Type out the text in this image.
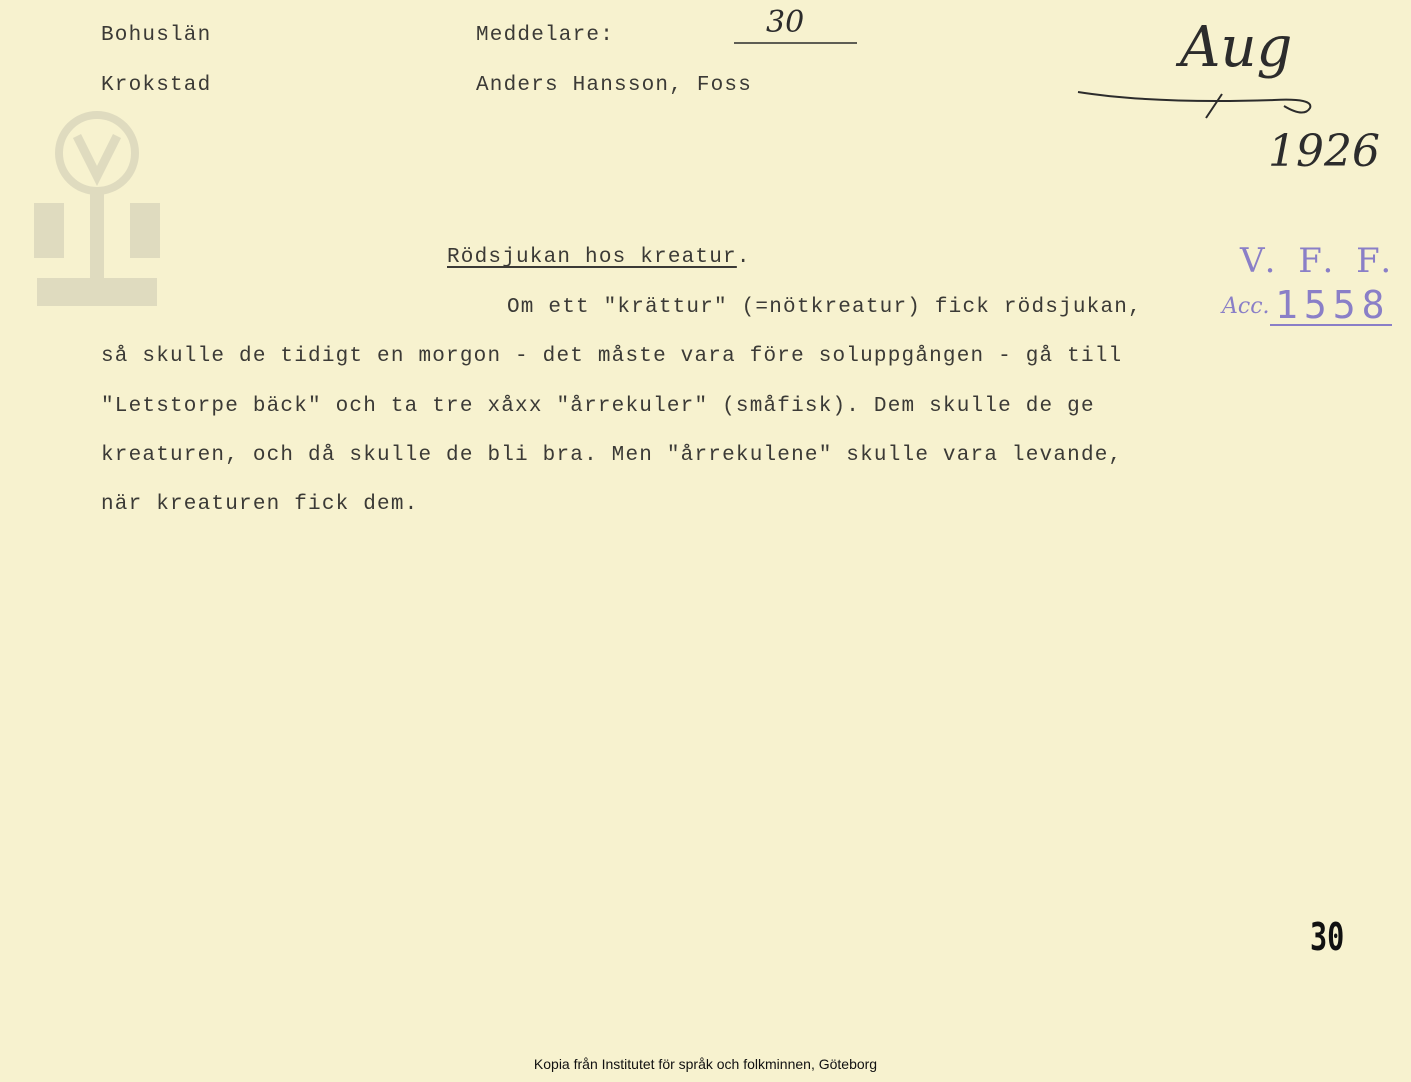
Bohuslän
Krokstad
Meddelare:
Anders Hansson, Foss
30	Aug
1926
V. F. F.
Acc. 1558
Rödsjukan hos kreatur.
Om ett "krättur" (=nötkreatur) fick rödsjukan,
så skulle de tidigt en morgon - det måste vara före soluppgången - gå till
"Letstorpe bäck" och ta tre xåxx "årrekuler" (småfisk). Dem skulle de ge
kreaturen, och då skulle de bli bra. Men "årrekulene" skulle vara levande,
när kreaturen fick dem.
30
Kopia från Institutet för språk och folkminnen, Göteborg
